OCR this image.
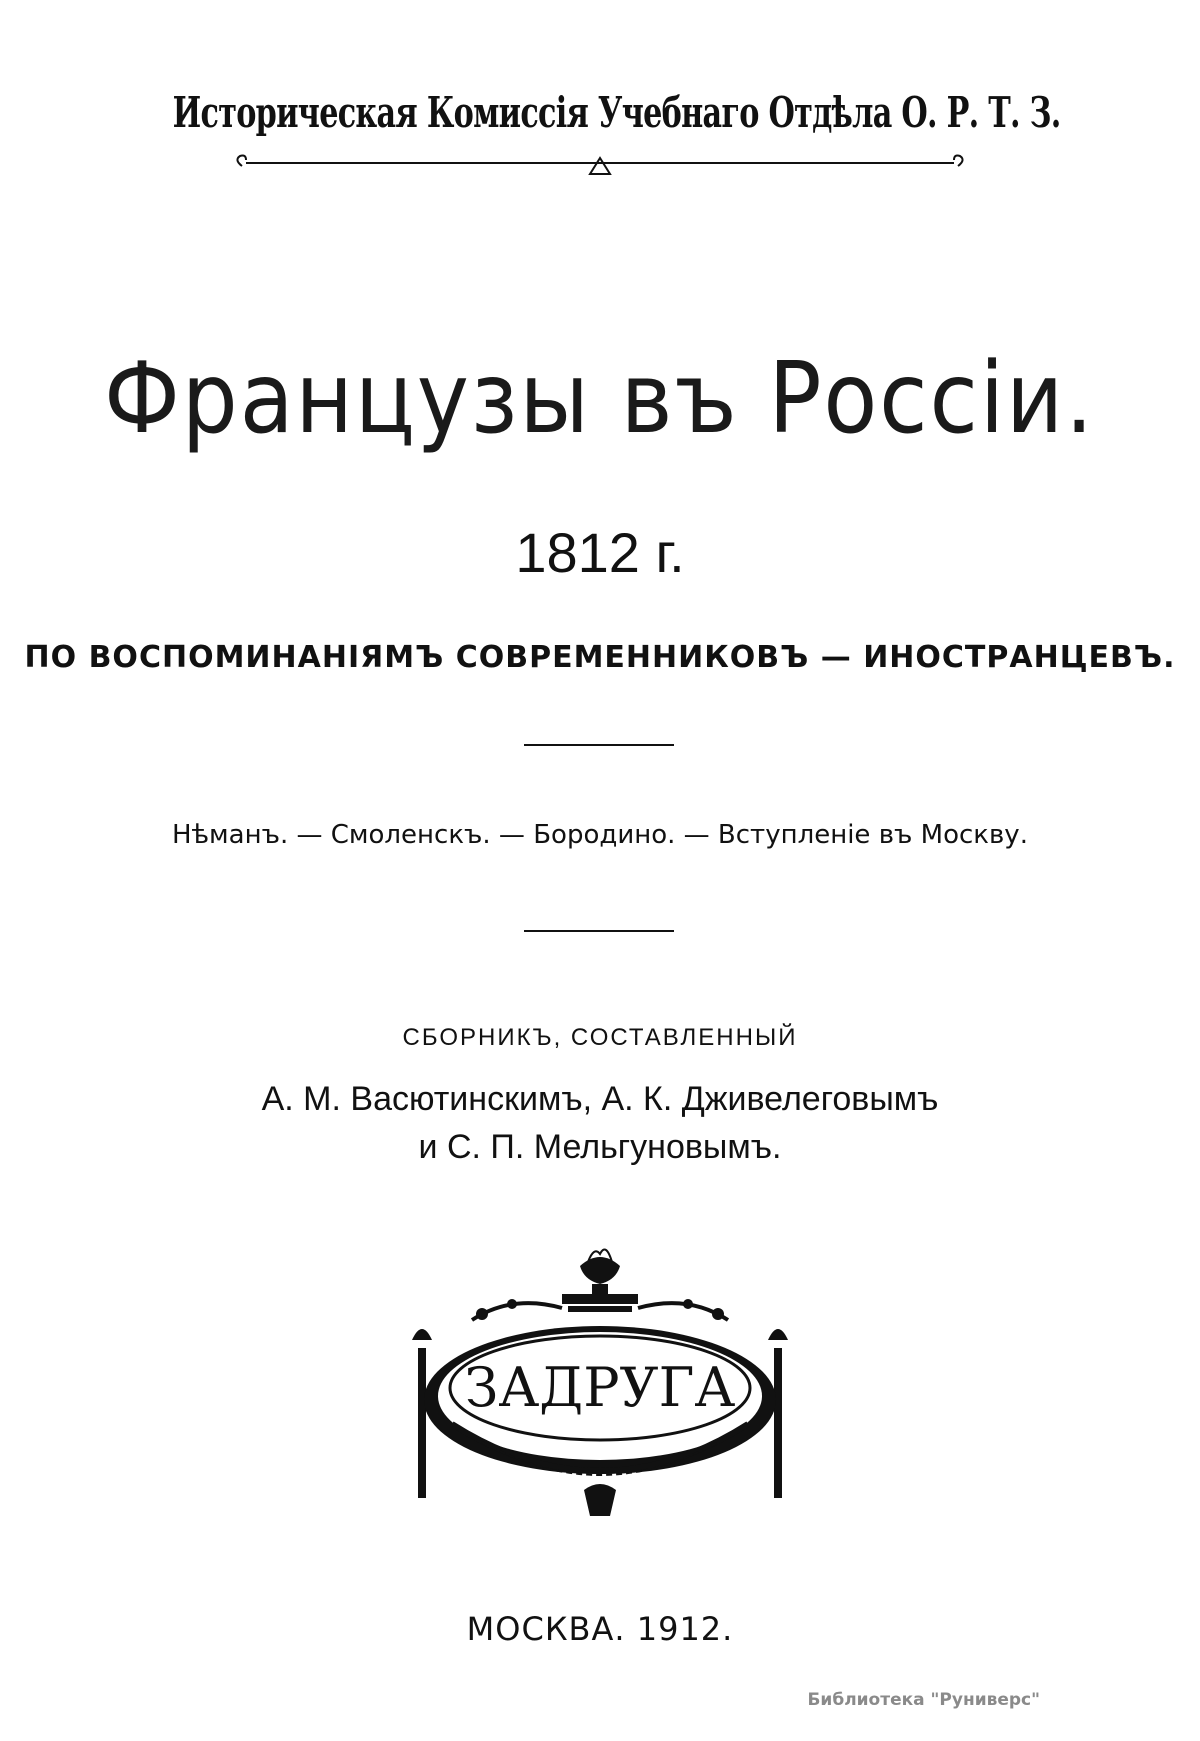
Историческая Комиссія Учебнаго Отдѣла О. Р. Т. З.
Французы въ Россіи.
1812 г.
ПО ВОСПОМИНАНІЯМЪ СОВРЕМЕННИКОВЪ — ИНОСТРАНЦЕВЪ.
Нѣманъ. — Смоленскъ. — Бородино. — Вступленіе въ Москву.
СБОРНИКЪ, СОСТАВЛЕННЫЙ
А. М. Васютинскимъ, А. К. Дживелеговымъ
и С. П. Мельгуновымъ.
ЗАДРУГА
МОСКВА. 1912.
Библиотека "Руниверс"
